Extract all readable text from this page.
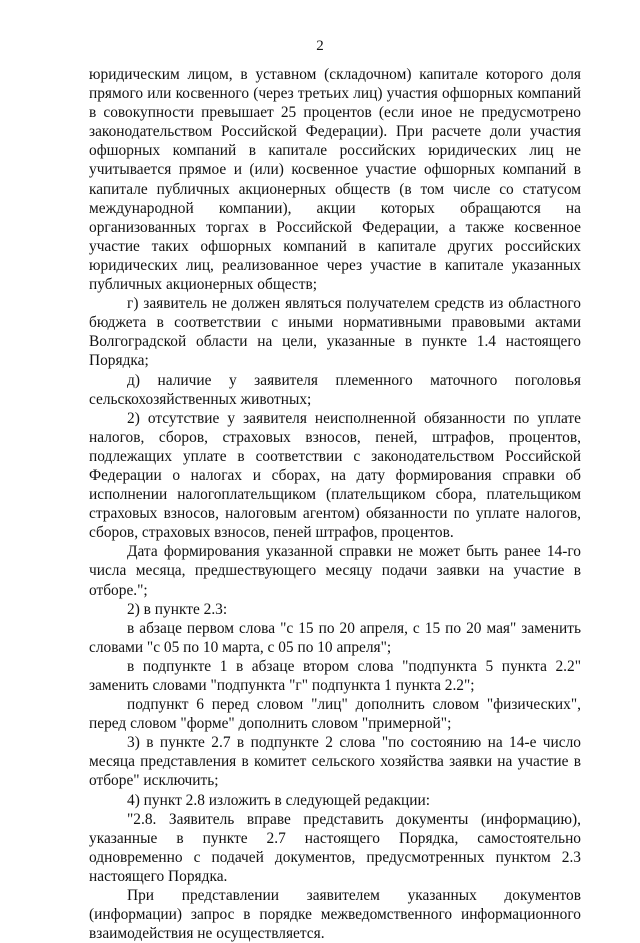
2

юридическим лицом, в уставном (складочном) капитале которого доля прямого или косвенного (через третьих лиц) участия офшорных компаний в совокупности превышает 25 процентов (если иное не предусмотрено законодательством Российской Федерации). При расчете доли участия офшорных компаний в капитале российских юридических лиц не учитывается прямое и (или) косвенное участие офшорных компаний в капитале публичных акционерных обществ (в том числе со статусом международной компании), акции которых обращаются на организованных торгах в Российской Федерации, а также косвенное участие таких офшорных компаний в капитале других российских юридических лиц, реализованное через участие в капитале указанных публичных акционерных обществ;

г) заявитель не должен являться получателем средств из областного бюджета в соответствии с иными нормативными правовыми актами Волгоградской области на цели, указанные в пункте 1.4 настоящего Порядка;

д) наличие у заявителя племенного маточного поголовья сельскохозяйственных животных;

2) отсутствие у заявителя неисполненной обязанности по уплате налогов, сборов, страховых взносов, пеней, штрафов, процентов, подлежащих уплате в соответствии с законодательством Российской Федерации о налогах и сборах, на дату формирования справки об исполнении налогоплательщиком (плательщиком сбора, плательщиком страховых взносов, налоговым агентом) обязанности по уплате налогов, сборов, страховых взносов, пеней штрафов, процентов.

Дата формирования указанной справки не может быть ранее 14-го числа месяца, предшествующего месяцу подачи заявки на участие в отборе.";

2) в пункте 2.3:

в абзаце первом слова "с 15 по 20 апреля, с 15 по 20 мая" заменить словами "с 05 по 10 марта, с 05 по 10 апреля";

в подпункте 1 в абзаце втором слова "подпункта 5 пункта 2.2" заменить словами "подпункта "г" подпункта 1 пункта 2.2";

подпункт 6 перед словом "лиц" дополнить словом "физических", перед словом "форме" дополнить словом "примерной";

3) в пункте 2.7 в подпункте 2 слова "по состоянию на 14-е число месяца представления в комитет сельского хозяйства заявки на участие в отборе" исключить;

4) пункт 2.8 изложить в следующей редакции:

"2.8. Заявитель вправе представить документы (информацию), указанные в пункте 2.7 настоящего Порядка, самостоятельно одновременно с подачей документов, предусмотренных пунктом 2.3 настоящего Порядка.

При представлении заявителем указанных документов (информации) запрос в порядке межведомственного информационного взаимодействия не осуществляется.
